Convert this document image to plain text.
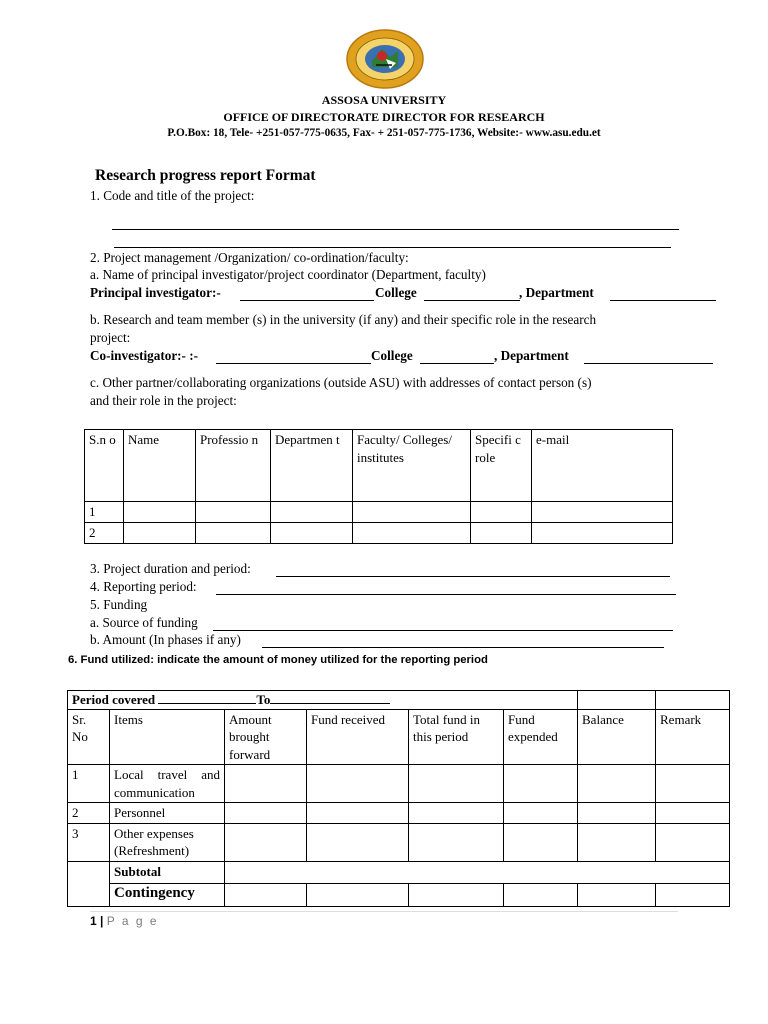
ASSOSA UNIVERSITY
OFFICE OF DIRECTORATE DIRECTOR FOR RESEARCH
P.O.Box: 18, Tele- +251-057-775-0635, Fax- + 251-057-775-1736, Website:- www.asu.edu.et
Research progress report Format
1. Code and title of the project:
2. Project management /Organization/ co-ordination/faculty:
a. Name of principal investigator/project coordinator (Department, faculty)
Principal investigator:-	College	, Department
b. Research and team member (s) in the university (if any) and their specific role in the research
project:
Co-investigator:- :-	College	, Department
c. Other partner/collaborating organizations (outside ASU) with addresses of contact person (s)
and their role in the project:
S.n o	Name	Professio n	Departmen t	Faculty/ Colleges/ institutes	Specifi c role	e-mail
1						
2						
3. Project duration and period:
4. Reporting period:
5. Funding
a. Source of funding
b. Amount (In phases if any)
6. Fund utilized: indicate the amount of money utilized for the reporting period
Period covered To							
Sr. No	Items	Amount brought forward	Fund received	Total fund in this period	Fund expended	Balance	Remark
1	Local travel and communication						
2	Personnel						
3	Other expenses (Refreshment)						
	Subtotal						
	Contingency						
1 | P a g e
